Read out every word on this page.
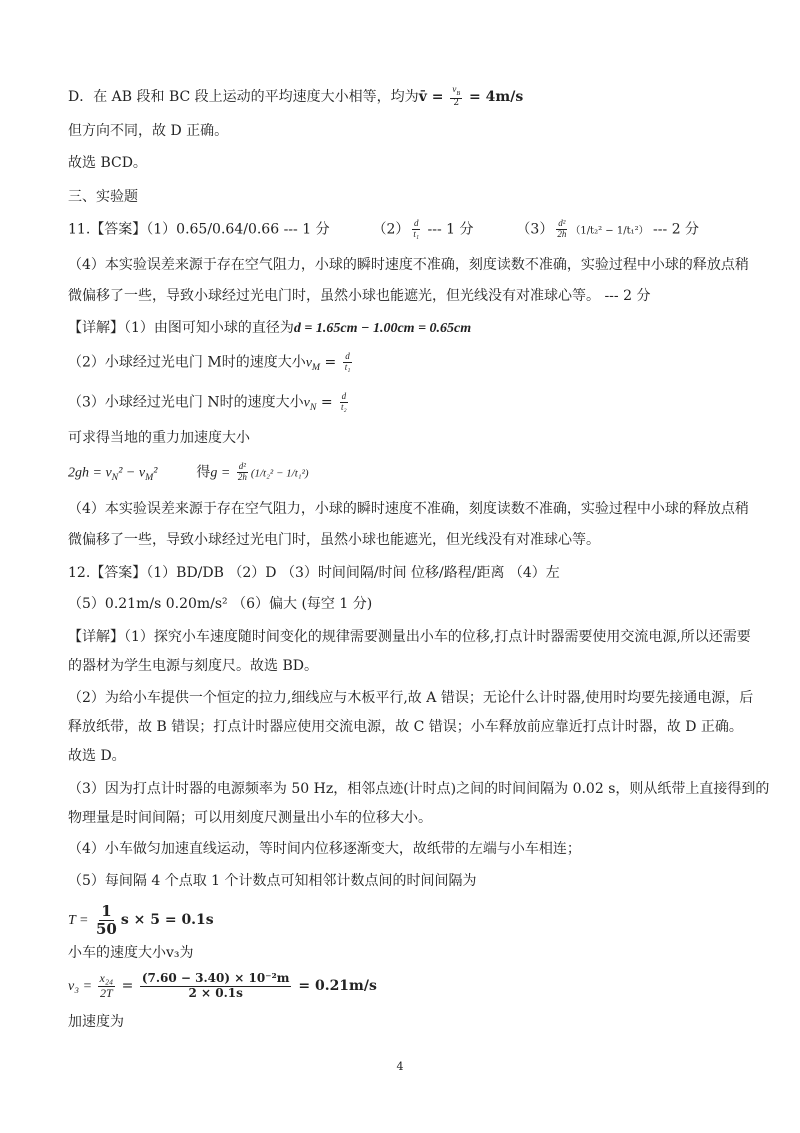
D．在 AB 段和 BC 段上运动的平均速度大小相等，均为v̄ = $\frac{v_B}{2} = 4m/s$
但方向不同，故 D 正确。
故选 BCD。
三、实验题
11.【答案】（1）0.65/0.64/0.66 --- 1 分	$(2) \frac{d}{\text{t₁}}$ --- 1 分	$(3) \frac{\text{d²}}{2h} (1/t_2^2 - 1/t_1^2)$ --- 2 分
（4）本实验误差来源于存在空气阻力，小球的瞬时速度不准确，刻度读数不准确，实验过程中小球的释放点稍
微偏移了一些，导致小球经过光电门时，虽然小球也能遮光，但光线没有对准球心等。 --- 2 分
【详解】（1）由图可知小球的直径为d = 1.65cm − 1.00cm = 0.65cm
（2）小球经过光电门 M时的速度大小$v_M = \frac{d}{\text{t₁}}$
（3）小球经过光电门 N时的速度大小$v_N = \frac{d}{\text{t₂}}$
可求得当地的重力加速度大小
$2gh = v_N^2 - v_M^2$	得$g = \frac{\text{d²}}{2h} (1/t_2^2 - 1/t_1^2)$
（4）本实验误差来源于存在空气阻力，小球的瞬时速度不准确，刻度读数不准确，实验过程中小球的释放点稍
微偏移了一些，导致小球经过光电门时，虽然小球也能遮光，但光线没有对准球心等。
12.【答案】（1）BD/DB （2）D （3）时间间隔/时间 位移/路程/距离 （4）左
（5）0.21m/s 0.20m/s² （6）偏大 (每空 1 分)
【详解】（1）探究小车速度随时间变化的规律需要测量出小车的位移,打点计时器需要使用交流电源,所以还需要
的器材为学生电源与刻度尺。故选 BD。
（2）为给小车提供一个恒定的拉力,细线应与木板平行,故 A 错误；无论什么计时器,使用时均要先接通电源，后
释放纸带，故 B 错误；打点计时器应使用交流电源，故 C 错误；小车释放前应靠近打点计时器，故 D 正确。
故选 D。
（3）因为打点计时器的电源频率为 50 Hz，相邻点迹(计时点)之间的时间间隔为 0.02 s，则从纸带上直接得到的
物理量是时间间隔；可以用刻度尺测量出小车的位移大小。
（4）小车做匀加速直线运动，等时间内位移逐渐变大，故纸带的左端与小车相连；
（5）每间隔 4 个点取 1 个计数点可知相邻计数点间的时间间隔为
$T = \frac{1}{50}$ s × 5 = 0.1s
小车的速度大小v₃为
$v_3 = \frac{\text{x₂₄}}{2T} = \frac{\text{(7.60 − 3.40) × 10⁻²m}}{2 \times 0.1s} = 0.21m/s$
加速度为
4
